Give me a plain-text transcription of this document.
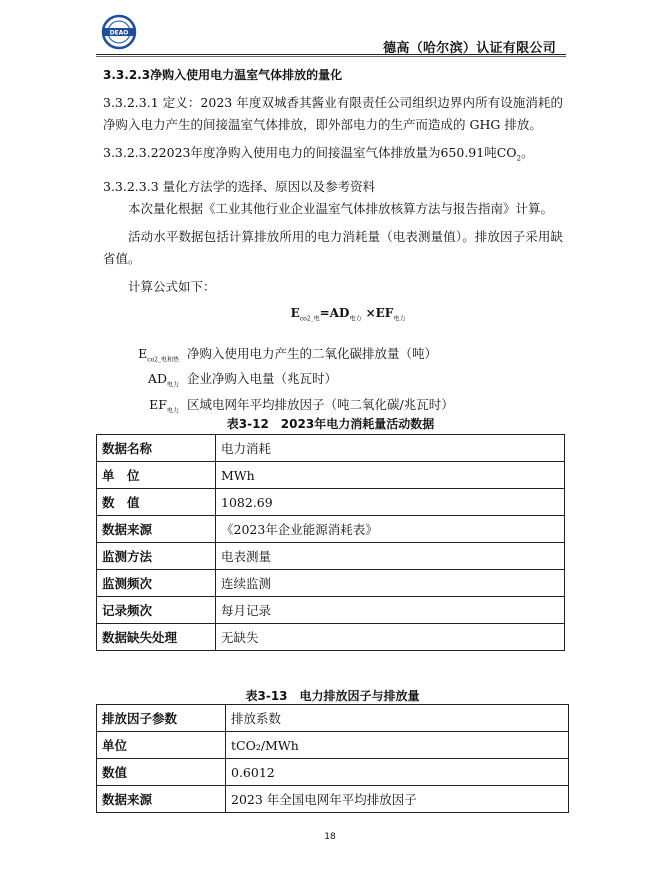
DEAO
德高（哈尔滨）认证有限公司
3.3.2.3净购入使用电力温室气体排放的量化

3.3.2.3.1 定义：2023 年度双城香其酱业有限责任公司组织边界内所有设施消耗的 净购入电力产生的间接温室气体排放，即外部电力的生产而造成的 GHG 排放。

3.3.2.3.22023年度净购入使用电力的间接温室气体排放量为650.91吨$CO_2$。

3.3.2.3.3 量化方法学的选择、原因以及参考资料

本次量化根据《工业其他行业企业温室气体排放核算方法与报告指南》计算。

活动水平数据包括计算排放所用的电力消耗量（电表测量值）。排放因子采用缺省值。

计算公式如下：

$E_{co2\_电}=AD_{电力} \times EF_{电力}$
$E_{co2\_电和热}$ 净购入使用电力产生的二氧化碳排放量（吨）
$AD_{电力}$ 企业净购入电量（兆瓦时）
$EF_{电力}$ 区域电网年平均排放因子（吨二氧化碳/兆瓦时）
表3-12　2023年电力消耗量活动数据
数据名称	电力消耗
单　位	MWh
数　值	1082.69
数据来源	《2023年企业能源消耗表》
监测方法	电表测量
监测频次	连续监测
记录频次	每月记录
数据缺失处理	无缺失
表3-13　电力排放因子与排放量
排放因子参数	排放系数
单位	tCO₂/MWh
数值	0.6012
数据来源	2023 年全国电网年平均排放因子
18
